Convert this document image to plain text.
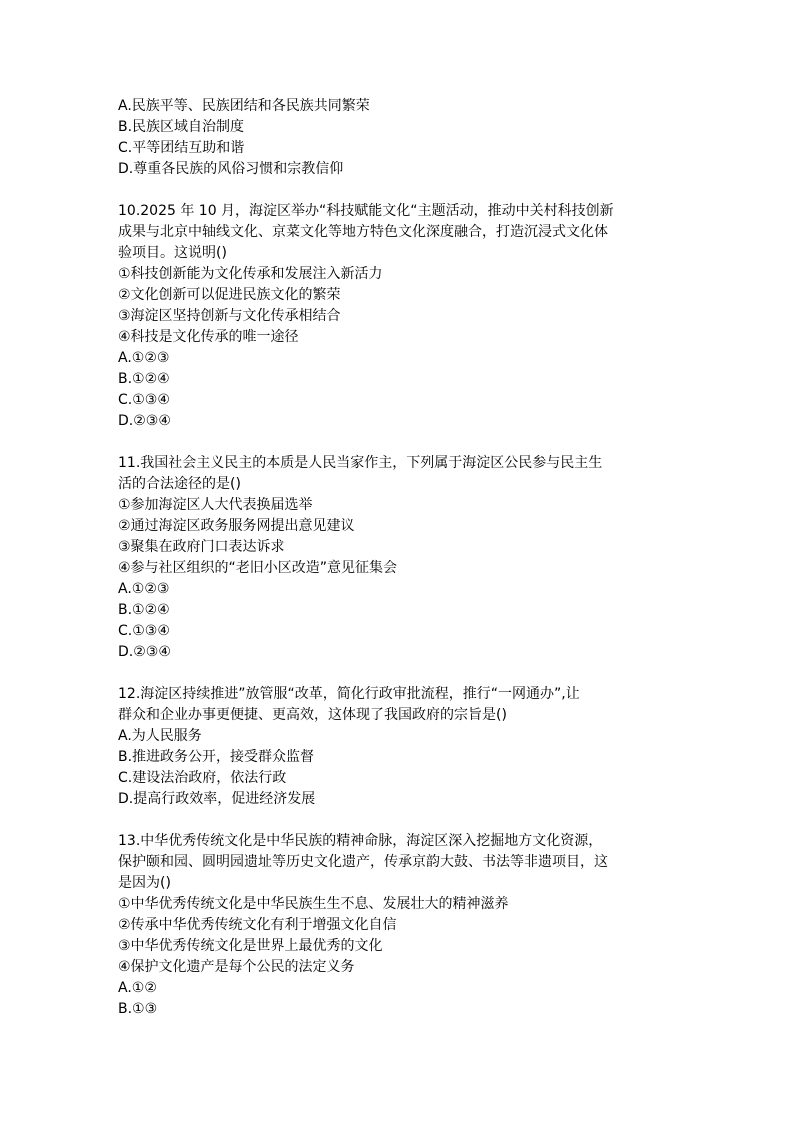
A.民族平等、民族团结和各民族共同繁荣
B.民族区域自治制度
C.平等团结互助和谐
D.尊重各民族的风俗习惯和宗教信仰
10.2025 年 10 月，海淀区举办“科技赋能文化“主题活动，推动中关村科技创新
成果与北京中轴线文化、京菜文化等地方特色文化深度融合，打造沉浸式文化体
验项目。这说明()
①科技创新能为文化传承和发展注入新活力
②文化创新可以促进民族文化的繁荣
③海淀区坚持创新与文化传承相结合
④科技是文化传承的唯一途径
A.①②③
B.①②④
C.①③④
D.②③④
11.我国社会主义民主的本质是人民当家作主，下列属于海淀区公民参与民主生
活的合法途径的是()
①参加海淀区人大代表换届选举
②通过海淀区政务服务网提出意见建议
③聚集在政府门口表达诉求
④参与社区组织的“老旧小区改造”意见征集会
A.①②③
B.①②④
C.①③④
D.②③④
12.海淀区持续推进”放管服“改革，简化行政审批流程，推行“一网通办”,让
群众和企业办事更便捷、更高效，这体现了我国政府的宗旨是()
A.为人民服务
B.推进政务公开，接受群众监督
C.建设法治政府，依法行政
D.提高行政效率，促进经济发展
13.中华优秀传统文化是中华民族的精神命脉，海淀区深入挖掘地方文化资源，
保护颐和园、圆明园遗址等历史文化遗产，传承京韵大鼓、书法等非遗项目，这
是因为()
①中华优秀传统文化是中华民族生生不息、发展壮大的精神滋养
②传承中华优秀传统文化有利于增强文化自信
③中华优秀传统文化是世界上最优秀的文化
④保护文化遗产是每个公民的法定义务
A.①②
B.①③
